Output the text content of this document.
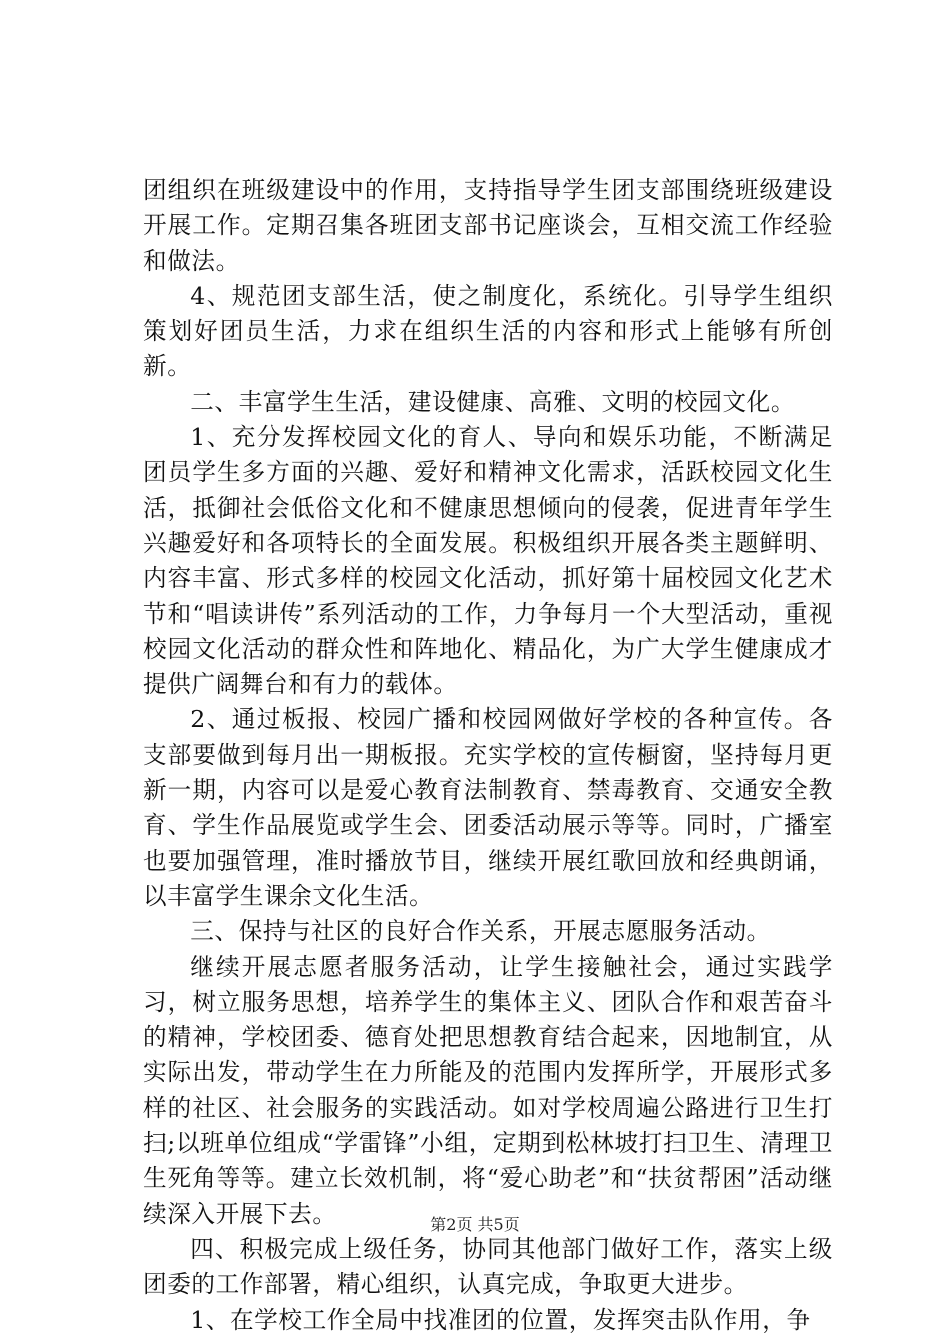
团组织在班级建设中的作用，支持指导学生团支部围绕班级建设开展工作。定期召集各班团支部书记座谈会，互相交流工作经验和做法。

4、规范团支部生活，使之制度化，系统化。引导学生组织策划好团员生活，力求在组织生活的内容和形式上能够有所创新。

二、丰富学生生活，建设健康、高雅、文明的校园文化。

1、充分发挥校园文化的育人、导向和娱乐功能，不断满足团员学生多方面的兴趣、爱好和精神文化需求，活跃校园文化生活，抵御社会低俗文化和不健康思想倾向的侵袭，促进青年学生兴趣爱好和各项特长的全面发展。积极组织开展各类主题鲜明、内容丰富、形式多样的校园文化活动，抓好第十届校园文化艺术节和“唱读讲传”系列活动的工作，力争每月一个大型活动，重视校园文化活动的群众性和阵地化、精品化，为广大学生健康成才提供广阔舞台和有力的载体。

2、通过板报、校园广播和校园网做好学校的各种宣传。各支部要做到每月出一期板报。充实学校的宣传橱窗，坚持每月更新一期，内容可以是爱心教育法制教育、禁毒教育、交通安全教育、学生作品展览或学生会、团委活动展示等等。同时，广播室也要加强管理，准时播放节目，继续开展红歌回放和经典朗诵，以丰富学生课余文化生活。

三、保持与社区的良好合作关系，开展志愿服务活动。

继续开展志愿者服务活动，让学生接触社会，通过实践学习，树立服务思想，培养学生的集体主义、团队合作和艰苦奋斗的精神，学校团委、德育处把思想教育结合起来，因地制宜，从实际出发，带动学生在力所能及的范围内发挥所学，开展形式多样的社区、社会服务的实践活动。如对学校周遍公路进行卫生打扫;以班单位组成“学雷锋”小组，定期到松林坡打扫卫生、清理卫生死角等等。建立长效机制，将“爱心助老”和“扶贫帮困”活动继续深入开展下去。

四、积极完成上级任务，协同其他部门做好工作，落实上级团委的工作部署，精心组织，认真完成，争取更大进步。

1、在学校工作全局中找准团的位置，发挥突击队作用，争

第2页 共5页
